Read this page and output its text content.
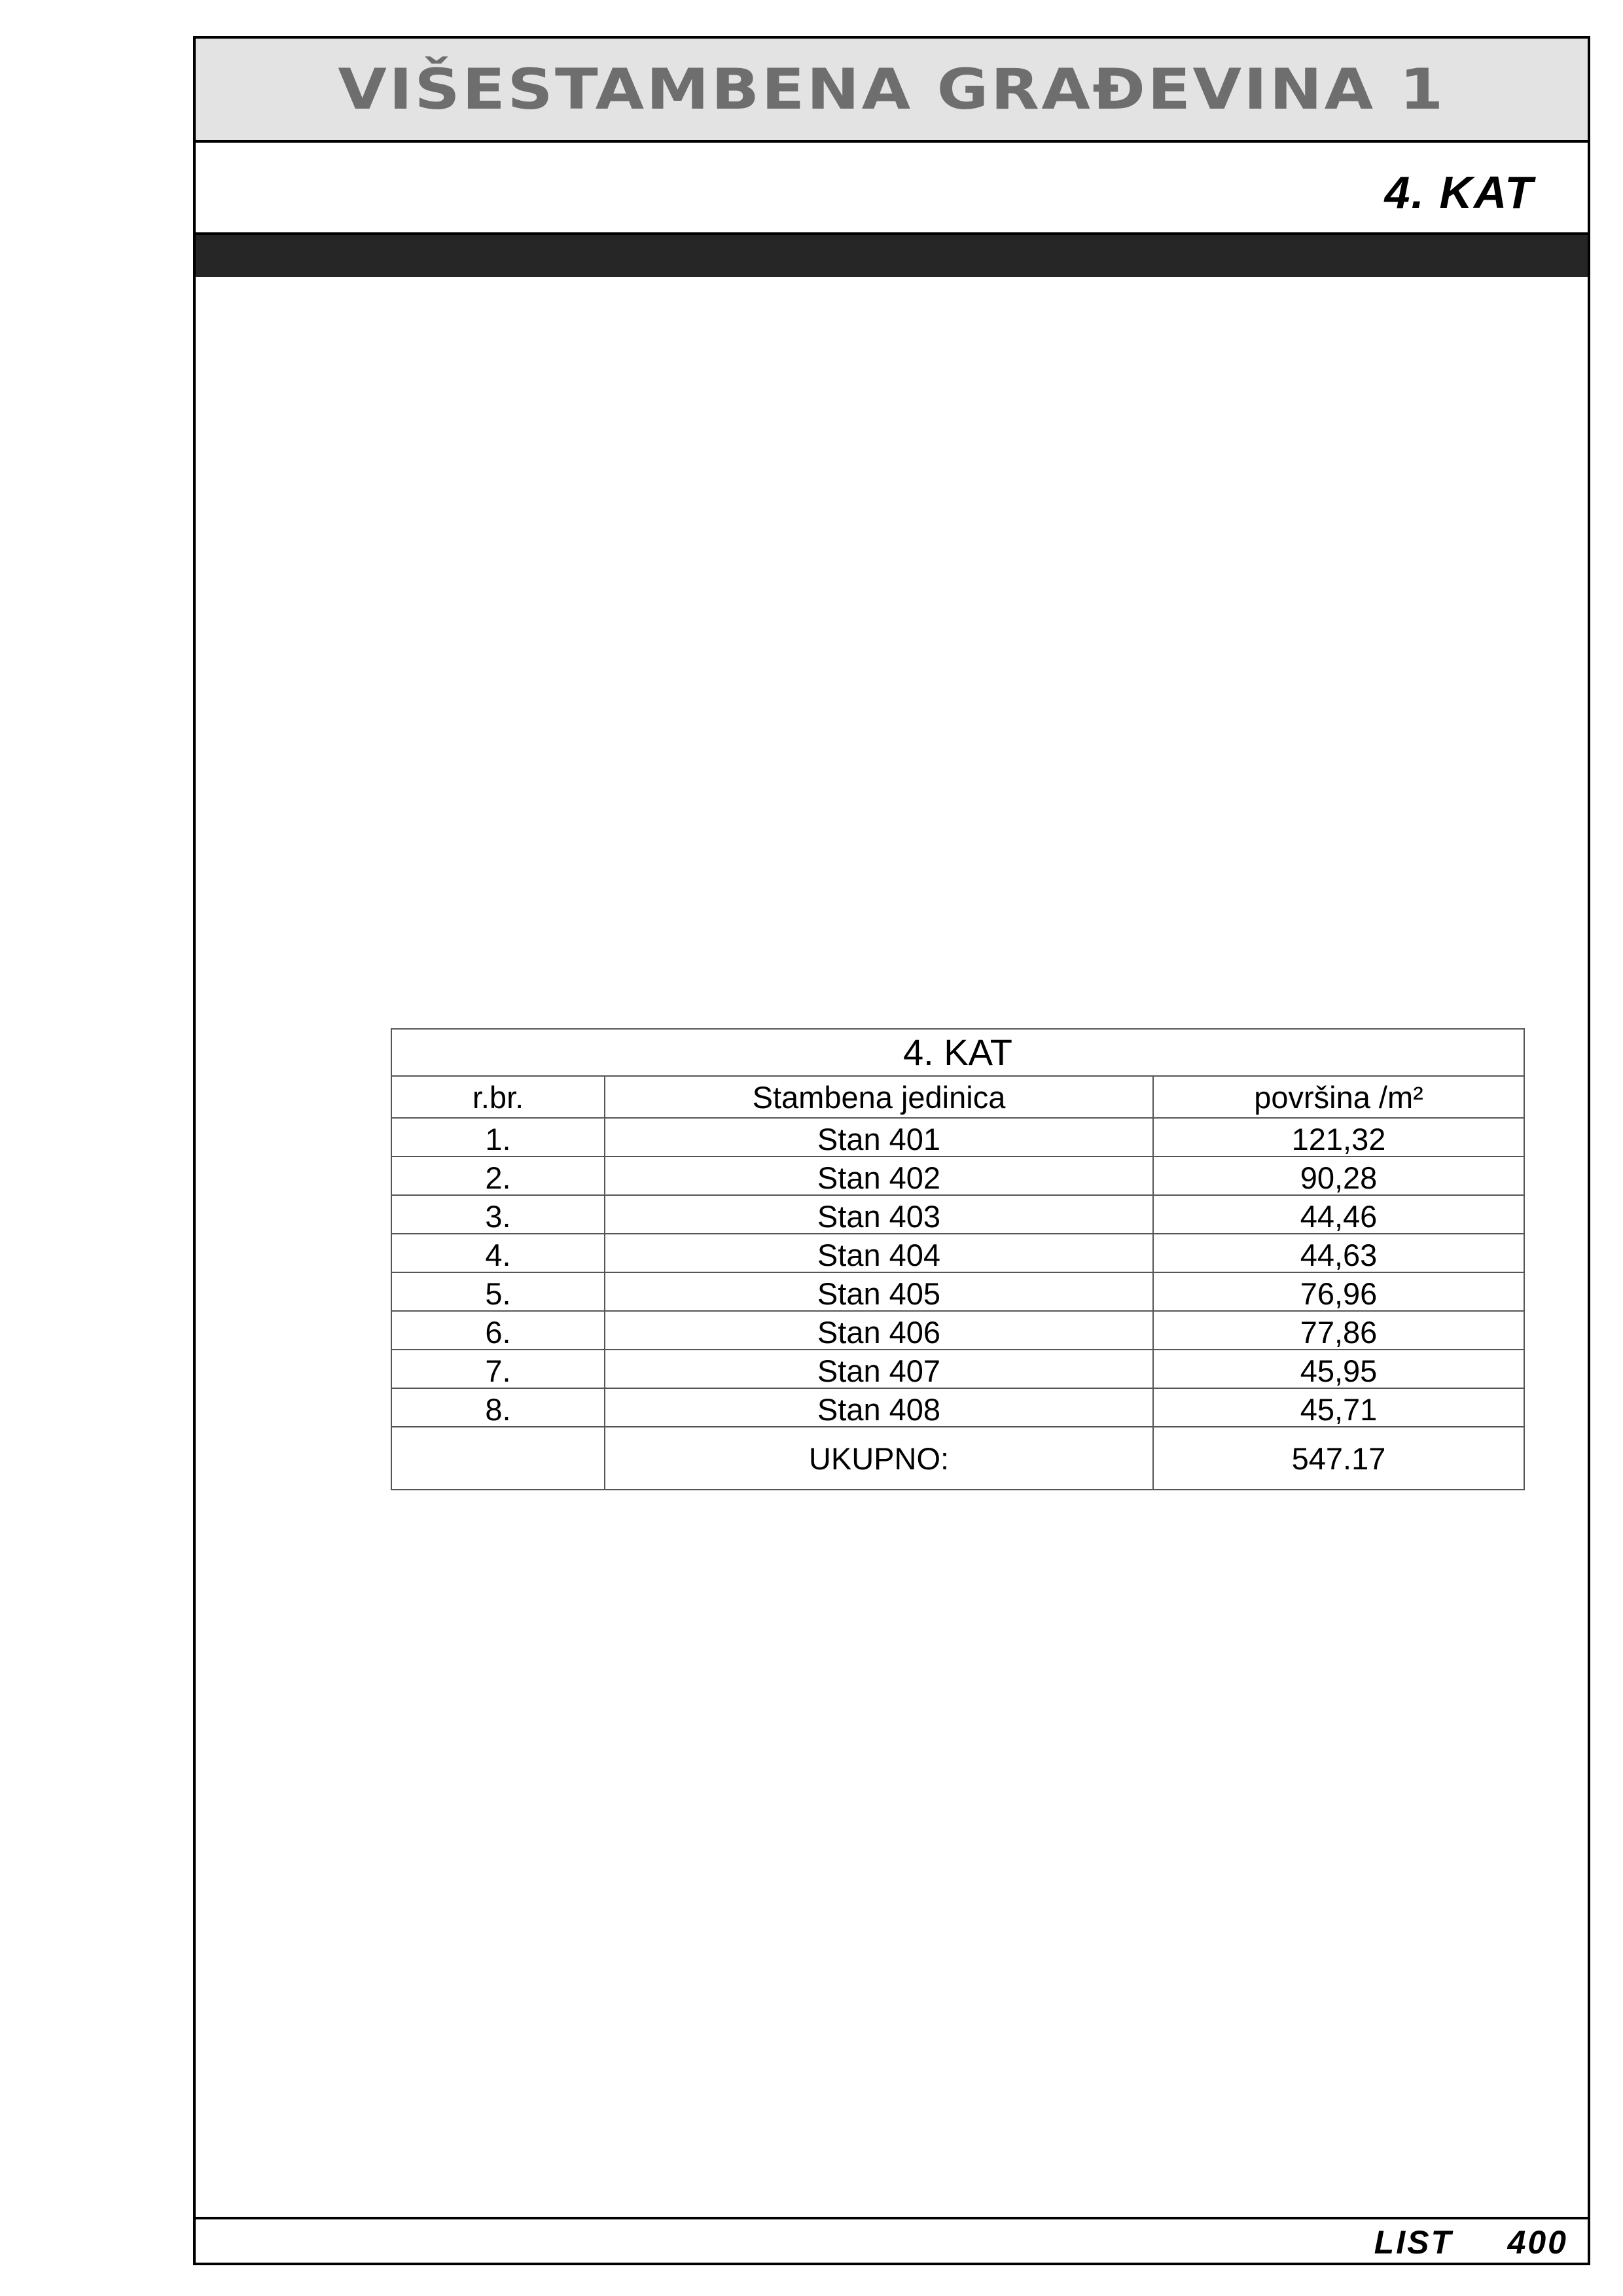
VIŠESTAMBENA GRAĐEVINA 1
4. KAT
4. KAT		
r.br.	Stambena jedinica	površina /m²
1.	Stan 401	121,32
2.	Stan 402	90,28
3.	Stan 403	44,46
4.	Stan 404	44,63
5.	Stan 405	76,96
6.	Stan 406	77,86
7.	Stan 407	45,95
8.	Stan 408	45,71
	UKUPNO:	547.17
LIST 400
